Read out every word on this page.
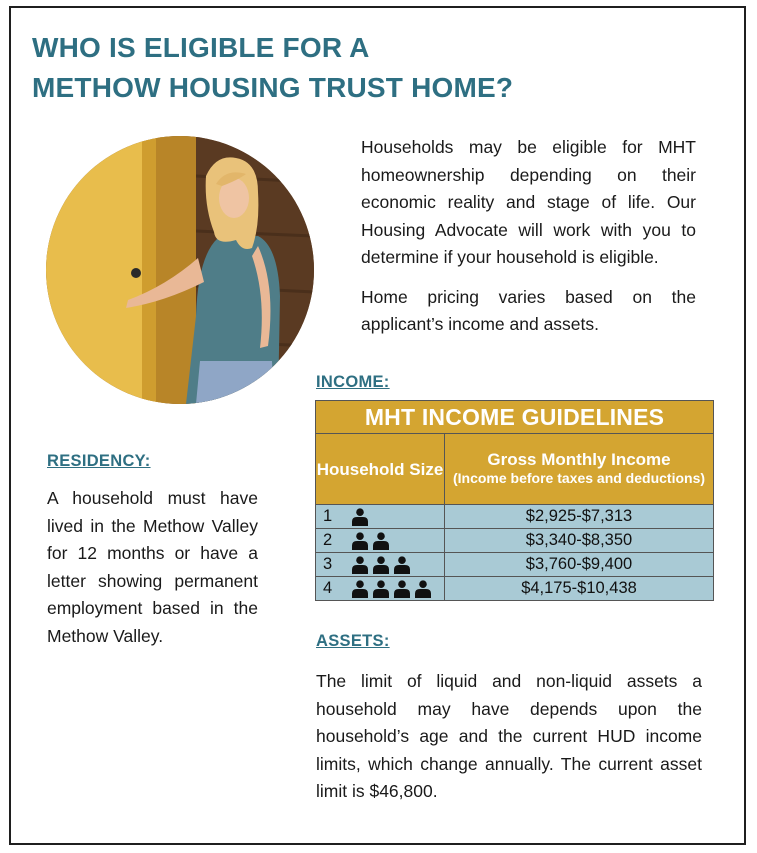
WHO IS ELIGIBLE FOR A
METHOW HOUSING TRUST HOME?

Households may be eligible for MHT homeownership depending on their economic reality and stage of life. Our Housing Advocate will work with you to determine if your household is eligible.

Home pricing varies based on the applicant’s income and assets.

INCOME:
MHT INCOME GUIDELINES	
Household Size	Gross Monthly Income
(Income before taxes and deductions)

1	$2,925-$7,313

2	$3,340-$8,350

3	$3,760-$9,400

4	$4,175-$10,438
RESIDENCY:

A household must have lived in the Methow Valley for 12 months or have a letter showing permanent employment based in the Methow Valley.	ASSETS:

The limit of liquid and non-liquid assets a household may have depends upon the household’s age and the current HUD income limits, which change annually. The current asset limit is $46,800.
